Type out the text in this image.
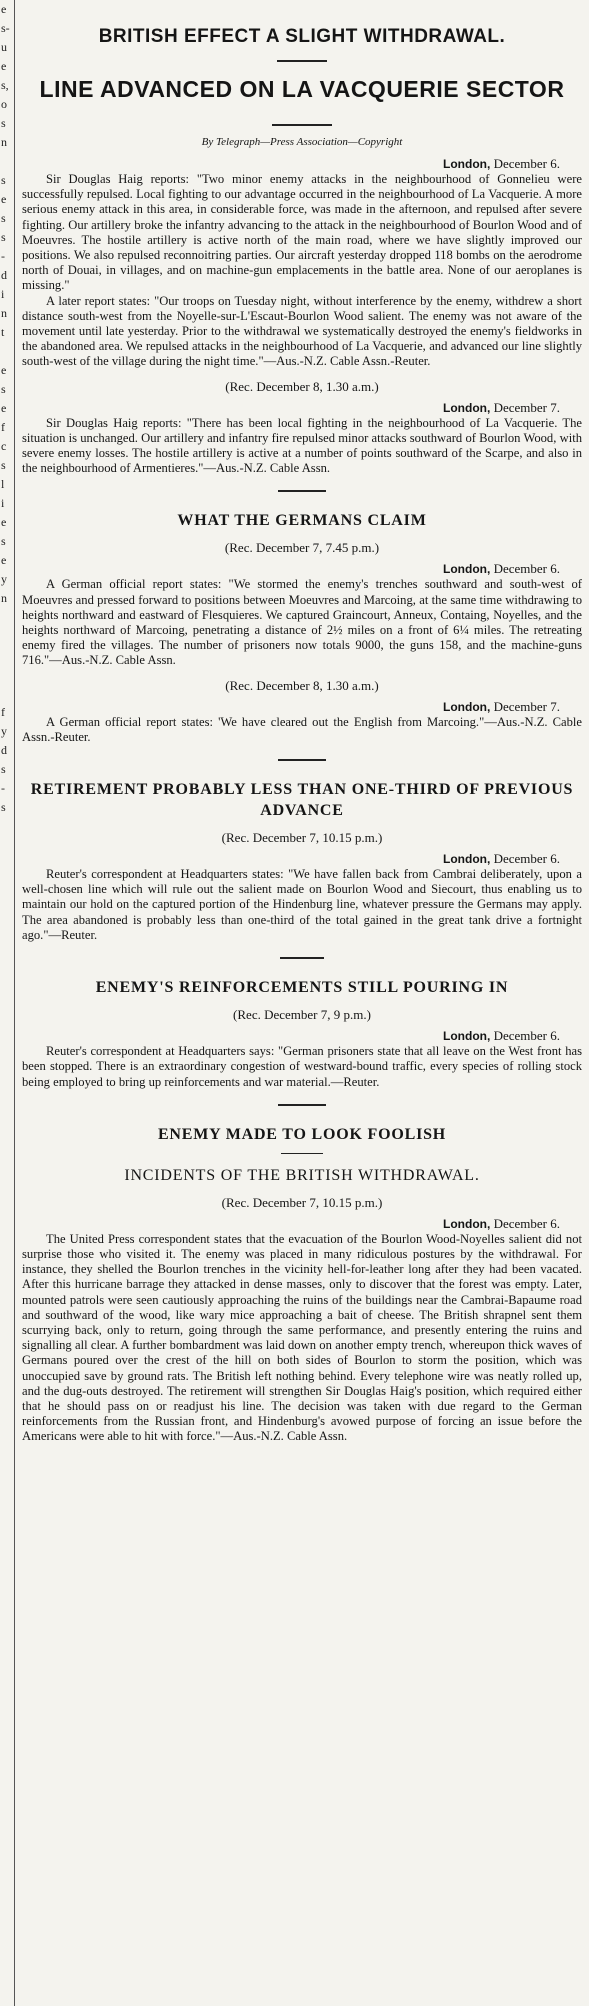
e
s-
u
e
s,
o
s
n
s
e
s
s
-
d
i
n
t
e
s
e
f
c
s
l
i
e
s
e
y
n
f
y
d
s
-
s
BRITISH EFFECT A SLIGHT WITHDRAWAL.
LINE ADVANCED ON LA VACQUERIE SECTOR
By Telegraph—Press Association—Copyright
London, December 6.

Sir Douglas Haig reports: "Two minor enemy attacks in the neighbourhood of Gonnelieu were successfully repulsed. Local fighting to our advantage occurred in the neighbourhood of La Vacquerie. A more serious enemy attack in this area, in considerable force, was made in the afternoon, and repulsed after severe fighting. Our artillery broke the infantry advancing to the attack in the neighbourhood of Bourlon Wood and of Moeuvres. The hostile artillery is active north of the main road, where we have slightly improved our positions. We also repulsed reconnoitring parties. Our aircraft yesterday dropped 118 bombs on the aerodrome north of Douai, in villages, and on machine-gun emplacements in the battle area. None of our aeroplanes is missing."

A later report states: "Our troops on Tuesday night, without interference by the enemy, withdrew a short distance south-west from the Noyelle-sur-L'Escaut-Bourlon Wood salient. The enemy was not aware of the movement until late yesterday. Prior to the withdrawal we systematically destroyed the enemy's fieldworks in the abandoned area. We repulsed attacks in the neighbourhood of La Vacquerie, and advanced our line slightly south-west of the village during the night time."—Aus.-N.Z. Cable Assn.-Reuter.

(Rec. December 8, 1.30 a.m.)
London, December 7.

Sir Douglas Haig reports: "There has been local fighting in the neighbourhood of La Vacquerie. The situation is unchanged. Our artillery and infantry fire repulsed minor attacks southward of Bourlon Wood, with severe enemy losses. The hostile artillery is active at a number of points southward of the Scarpe, and also in the neighbourhood of Armentieres."—Aus.-N.Z. Cable Assn.

WHAT THE GERMANS CLAIM
(Rec. December 7, 7.45 p.m.)
London, December 6.

A German official report states: "We stormed the enemy's trenches southward and south-west of Moeuvres and pressed forward to positions between Moeuvres and Marcoing, at the same time withdrawing to heights northward and eastward of Flesquieres. We captured Graincourt, Anneux, Containg, Noyelles, and the heights northward of Marcoing, penetrating a distance of 2½ miles on a front of 6¼ miles. The retreating enemy fired the villages. The number of prisoners now totals 9000, the guns 158, and the machine-guns 716."—Aus.-N.Z. Cable Assn.

(Rec. December 8, 1.30 a.m.)
London, December 7.

A German official report states: 'We have cleared out the English from Marcoing."—Aus.-N.Z. Cable Assn.-Reuter.

RETIREMENT PROBABLY LESS THAN ONE-THIRD OF PREVIOUS ADVANCE
(Rec. December 7, 10.15 p.m.)
London, December 6.

Reuter's correspondent at Headquarters states: "We have fallen back from Cambrai deliberately, upon a well-chosen line which will rule out the salient made on Bourlon Wood and Siecourt, thus enabling us to maintain our hold on the captured portion of the Hindenburg line, whatever pressure the Germans may apply. The area abandoned is probably less than one-third of the total gained in the great tank drive a fortnight ago."—Reuter.

ENEMY'S REINFORCEMENTS STILL POURING IN
(Rec. December 7, 9 p.m.)
London, December 6.

Reuter's correspondent at Headquarters says: "German prisoners state that all leave on the West front has been stopped. There is an extraordinary congestion of westward-bound traffic, every species of rolling stock being employed to bring up reinforcements and war material.—Reuter.

ENEMY MADE TO LOOK FOOLISH
INCIDENTS OF THE BRITISH WITHDRAWAL.
(Rec. December 7, 10.15 p.m.)
London, December 6.

The United Press correspondent states that the evacuation of the Bourlon Wood-Noyelles salient did not surprise those who visited it. The enemy was placed in many ridiculous postures by the withdrawal. For instance, they shelled the Bourlon trenches in the vicinity hell-for-leather long after they had been vacated. After this hurricane barrage they attacked in dense masses, only to discover that the forest was empty. Later, mounted patrols were seen cautiously approaching the ruins of the buildings near the Cambrai-Bapaume road and southward of the wood, like wary mice approaching a bait of cheese. The British shrapnel sent them scurrying back, only to return, going through the same performance, and presently entering the ruins and signalling all clear. A further bombardment was laid down on another empty trench, whereupon thick waves of Germans poured over the crest of the hill on both sides of Bourlon to storm the position, which was unoccupied save by ground rats. The British left nothing behind. Every telephone wire was neatly rolled up, and the dug-outs destroyed. The retirement will strengthen Sir Douglas Haig's position, which required either that he should pass on or readjust his line. The decision was taken with due regard to the German reinforcements from the Russian front, and Hindenburg's avowed purpose of forcing an issue before the Americans were able to hit with force."—Aus.-N.Z. Cable Assn.
